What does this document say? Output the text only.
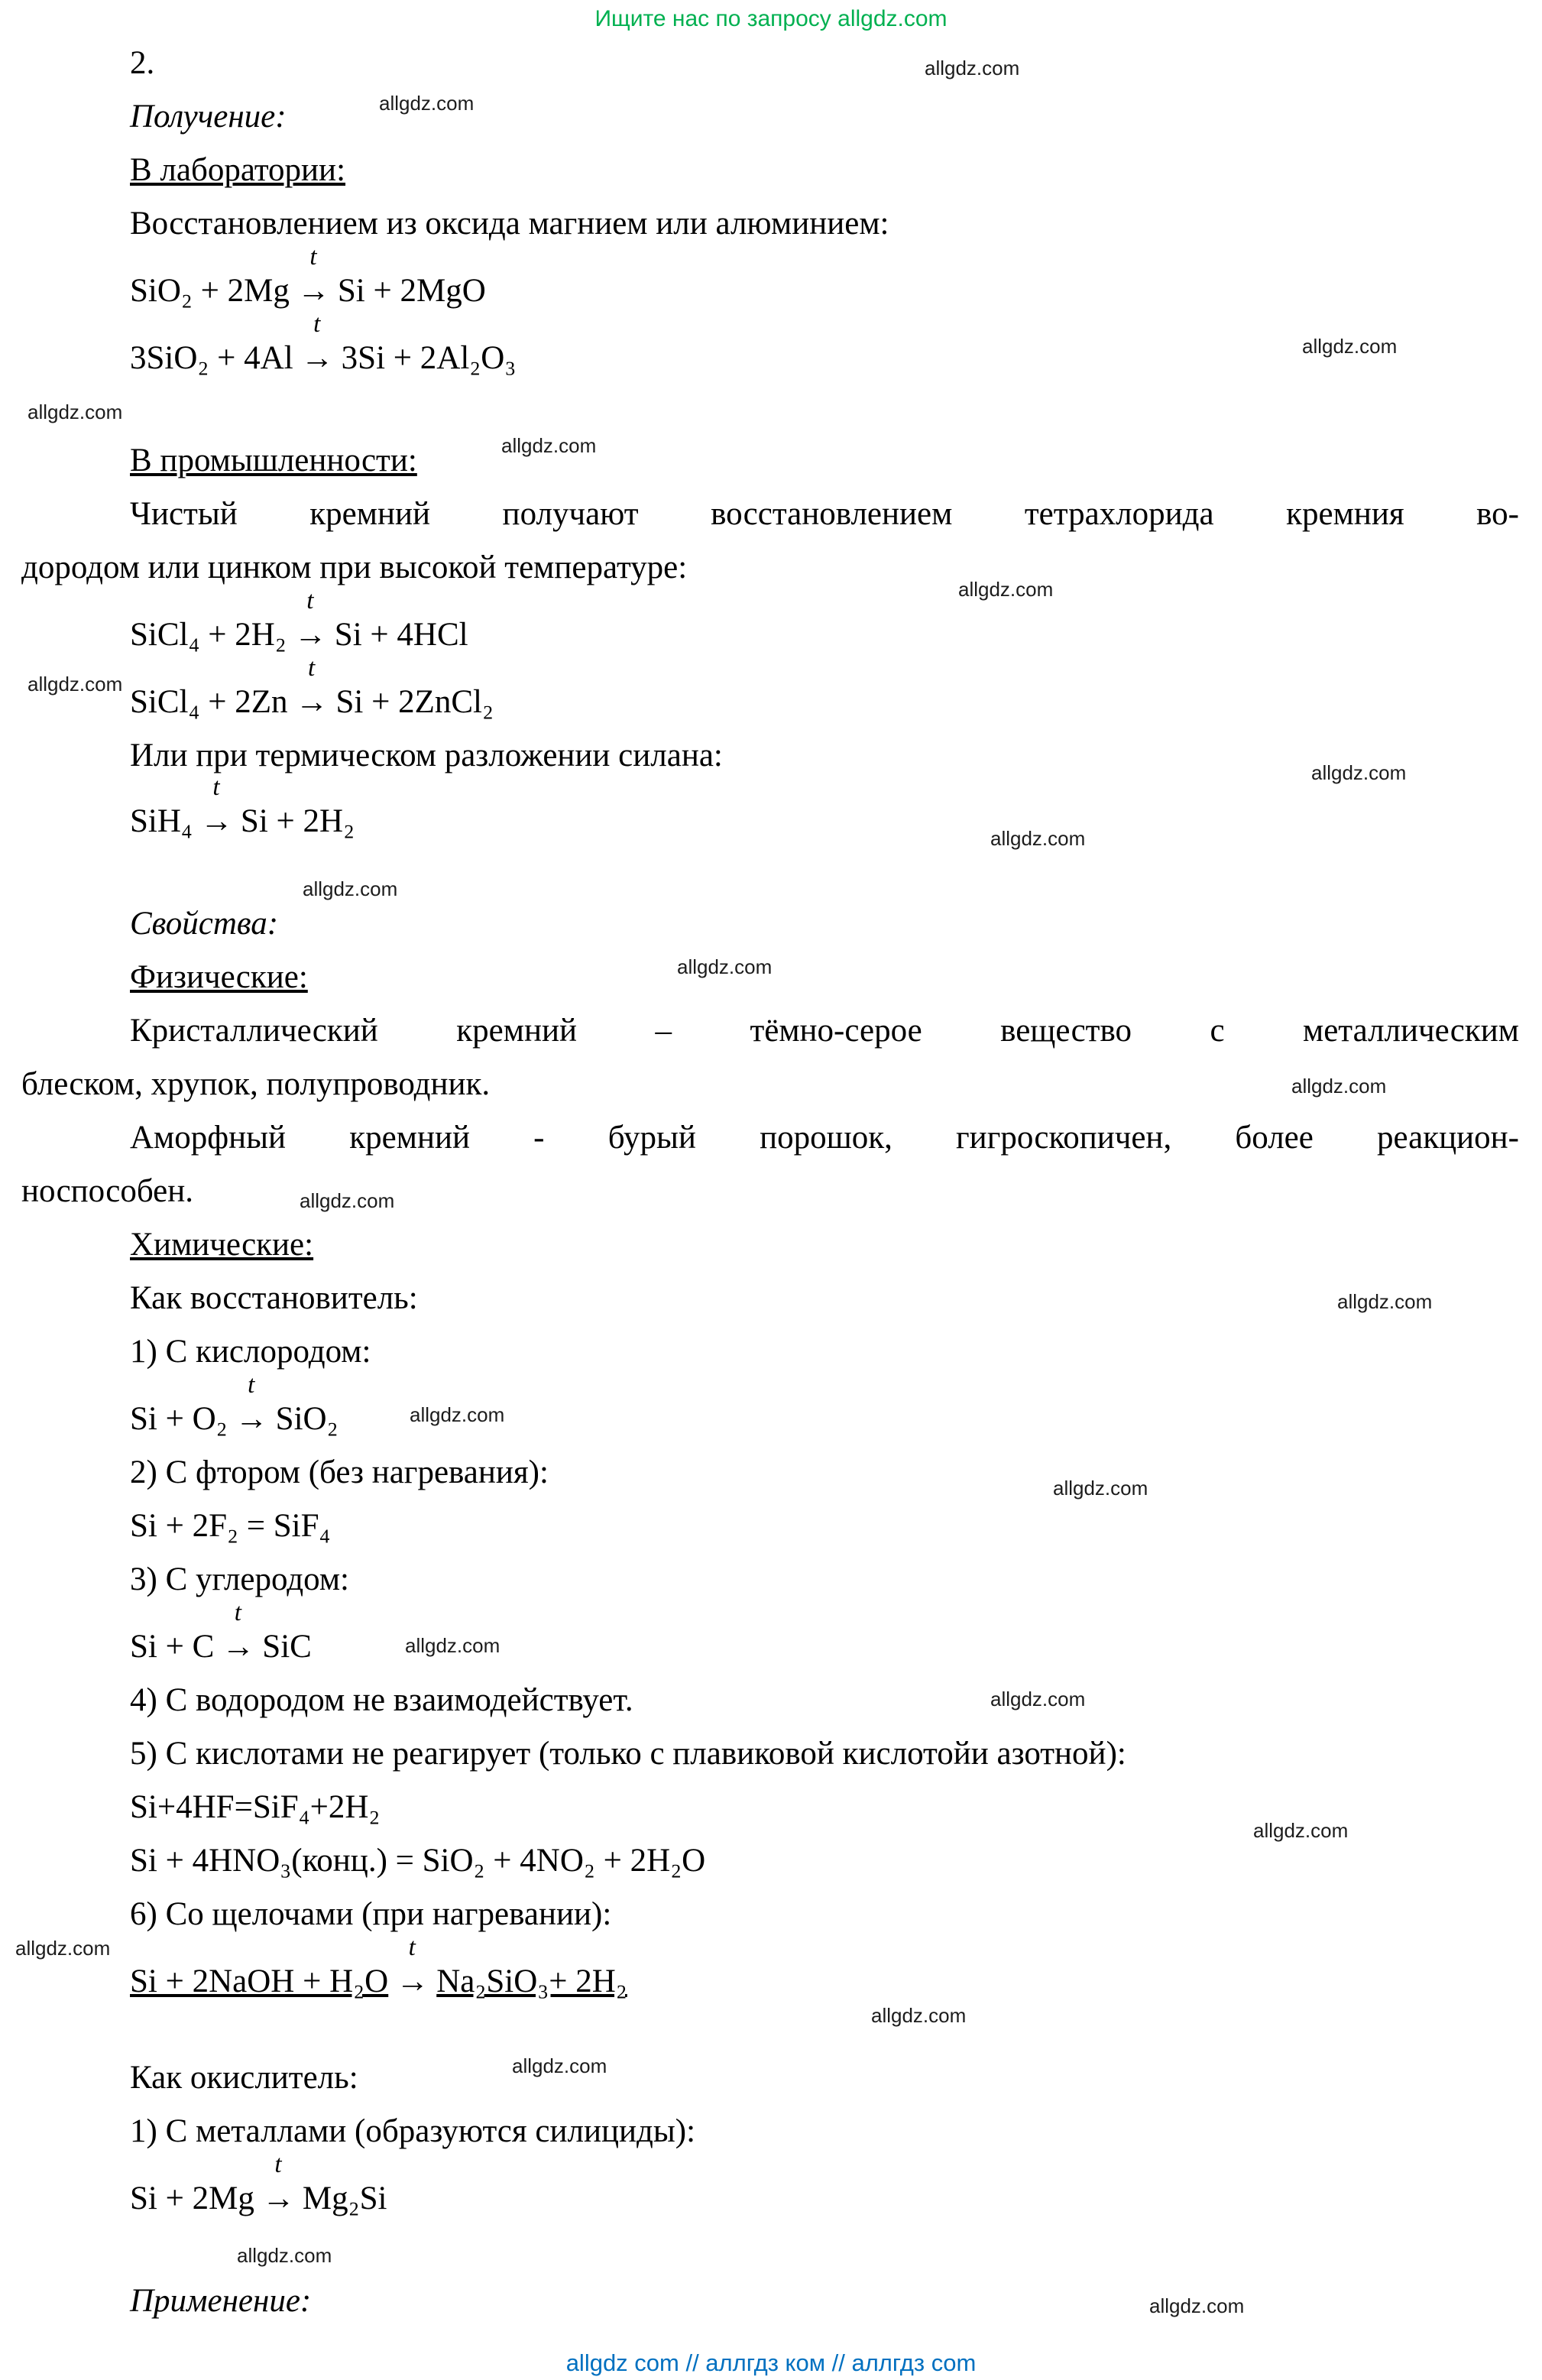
Ищите нас по запросу allgdz.com
allgdz.com
allgdz.com
allgdz.com
allgdz.com
allgdz.com
allgdz.com
allgdz.com
allgdz.com
allgdz.com
allgdz.com
allgdz.com
allgdz.com
allgdz.com
allgdz.com
allgdz.com
allgdz.com
allgdz.com
allgdz.com
allgdz.com
allgdz.com
allgdz.com
allgdz.com
allgdz.com
allgdz.com
2.
Получение:
В лаборатории:
Восстановлением из оксида магнием или алюминием:
SiO₂ + 2Mg
t
→ Si + 2MgO
3SiO₂ + 4Al
t
→ 3Si + 2Al₂O₃
В промышленности:
Чистый кремний получают восстановлением тетрахлорида кремния во-
дородом или цинком при высокой температуре:
SiCl₄ + 2H₂
t
→ Si + 4HCl
SiCl₄ + 2Zn
t
→ Si + 2ZnCl₂
Или при термическом разложении силана:
SiH₄
t
→ Si + 2H₂
Свойства:
Физические:
Кристаллический кремний – тёмно-серое вещество с металлическим
блеском, хрупок, полупроводник.
Аморфный кремний - бурый порошок, гигроскопичен, более реакцион-
носпособен.
Химические:
Как восстановитель:
1) С кислородом:
Si + O₂
t
→ SiO₂
2) С фтором (без нагревания):
Si + 2F₂ = SiF₄
3) С углеродом:
Si + C
t
→ SiC
4) С водородом не взаимодействует.
5) С кислотами не реагирует (только с плавиковой кислотойи азотной):
Si+4HF=SiF₄+2H₂
Si + 4HNO₃(конц.) = SiO₂ + 4NO₂ + 2H₂O
6) Со щелочами (при нагревании):
Si + 2NaOH + H₂O
t
→ Na₂SiO₃+ 2H₂
Как окислитель:
1) С металлами (образуются силициды):
Si + 2Mg
t
→ Mg₂Si
Применение:
allgdz com // аллгдз ком // аллгдз com
